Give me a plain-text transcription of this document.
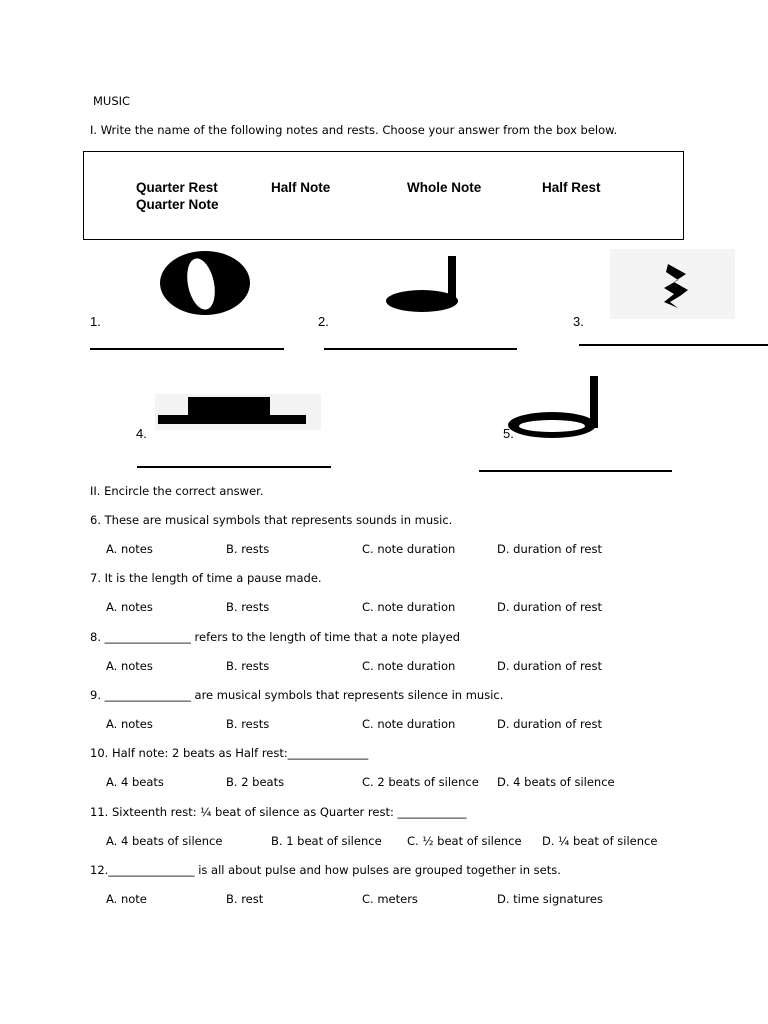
MUSIC
I. Write the name of the following notes and rests. Choose your answer from the box below.
Quarter Rest	Half Note	Whole Note	Half Rest
Quarter Note
1.	2.	3.
4.	5.
II. Encircle the correct answer.
6. These are musical symbols that represents sounds in music.
A. notes	B. rests	C. note duration	D. duration of rest
7. It is the length of time a pause made.
A. notes	B. rests	C. note duration	D. duration of rest
8. _______________ refers to the length of time that a note played
A. notes	B. rests	C. note duration	D. duration of rest
9. _______________ are musical symbols that represents silence in music.
A. notes	B. rests	C. note duration	D. duration of rest
10. Half note: 2 beats as Half rest:______________
A. 4 beats	B. 2 beats	C. 2 beats of silence D. 4 beats of silence
11. Sixteenth rest: ¼ beat of silence as Quarter rest: ____________
A. 4 beats of silence	B. 1 beat of silence C. ½ beat of silence D. ¼ beat of silence
12._______________ is all about pulse and how pulses are grouped together in sets.
A. note	B. rest	C. meters	D. time signatures
